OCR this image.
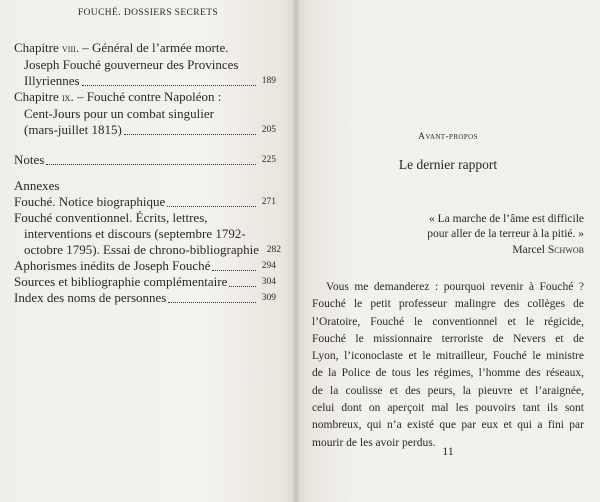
FOUCHÉ. DOSSIERS SECRETS
Chapitre viii. – Général de l’armée morte.
Joseph Fouché gouverneur des Provinces
Illyriennes	189
Chapitre ix. – Fouché contre Napoléon :
Cent-Jours pour un combat singulier
(mars-juillet 1815)	205
Notes	225
Annexes
Fouché. Notice biographique	271
Fouché conventionnel. Écrits, lettres,
interventions et discours (septembre 1792-
octobre 1795). Essai de chrono-bibliographie 282
Aphorismes inédits de Joseph Fouché	294
Sources et bibliographie complémentaire	304
Index des noms de personnes	309
Avant-propos
Le dernier rapport
« La marche de l’âme est difficile
pour aller de la terreur à la pitié. »
Marcel Schwob
Vous me demanderez : pourquoi revenir à Fouché ?
Fouché le petit professeur malingre des collèges de
l’Oratoire, Fouché le conventionnel et le régicide,
Fouché le missionnaire terroriste de Nevers et de
Lyon, l’iconoclaste et le mitrailleur, Fouché le ministre
de la Police de tous les régimes, l’homme des réseaux,
de la coulisse et des peurs, la pieuvre et l’araignée,
celui dont on aperçoit mal les pouvoirs tant ils sont
nombreux, qui n’a existé que par eux et qui a fini par
mourir de les avoir perdus.
11
